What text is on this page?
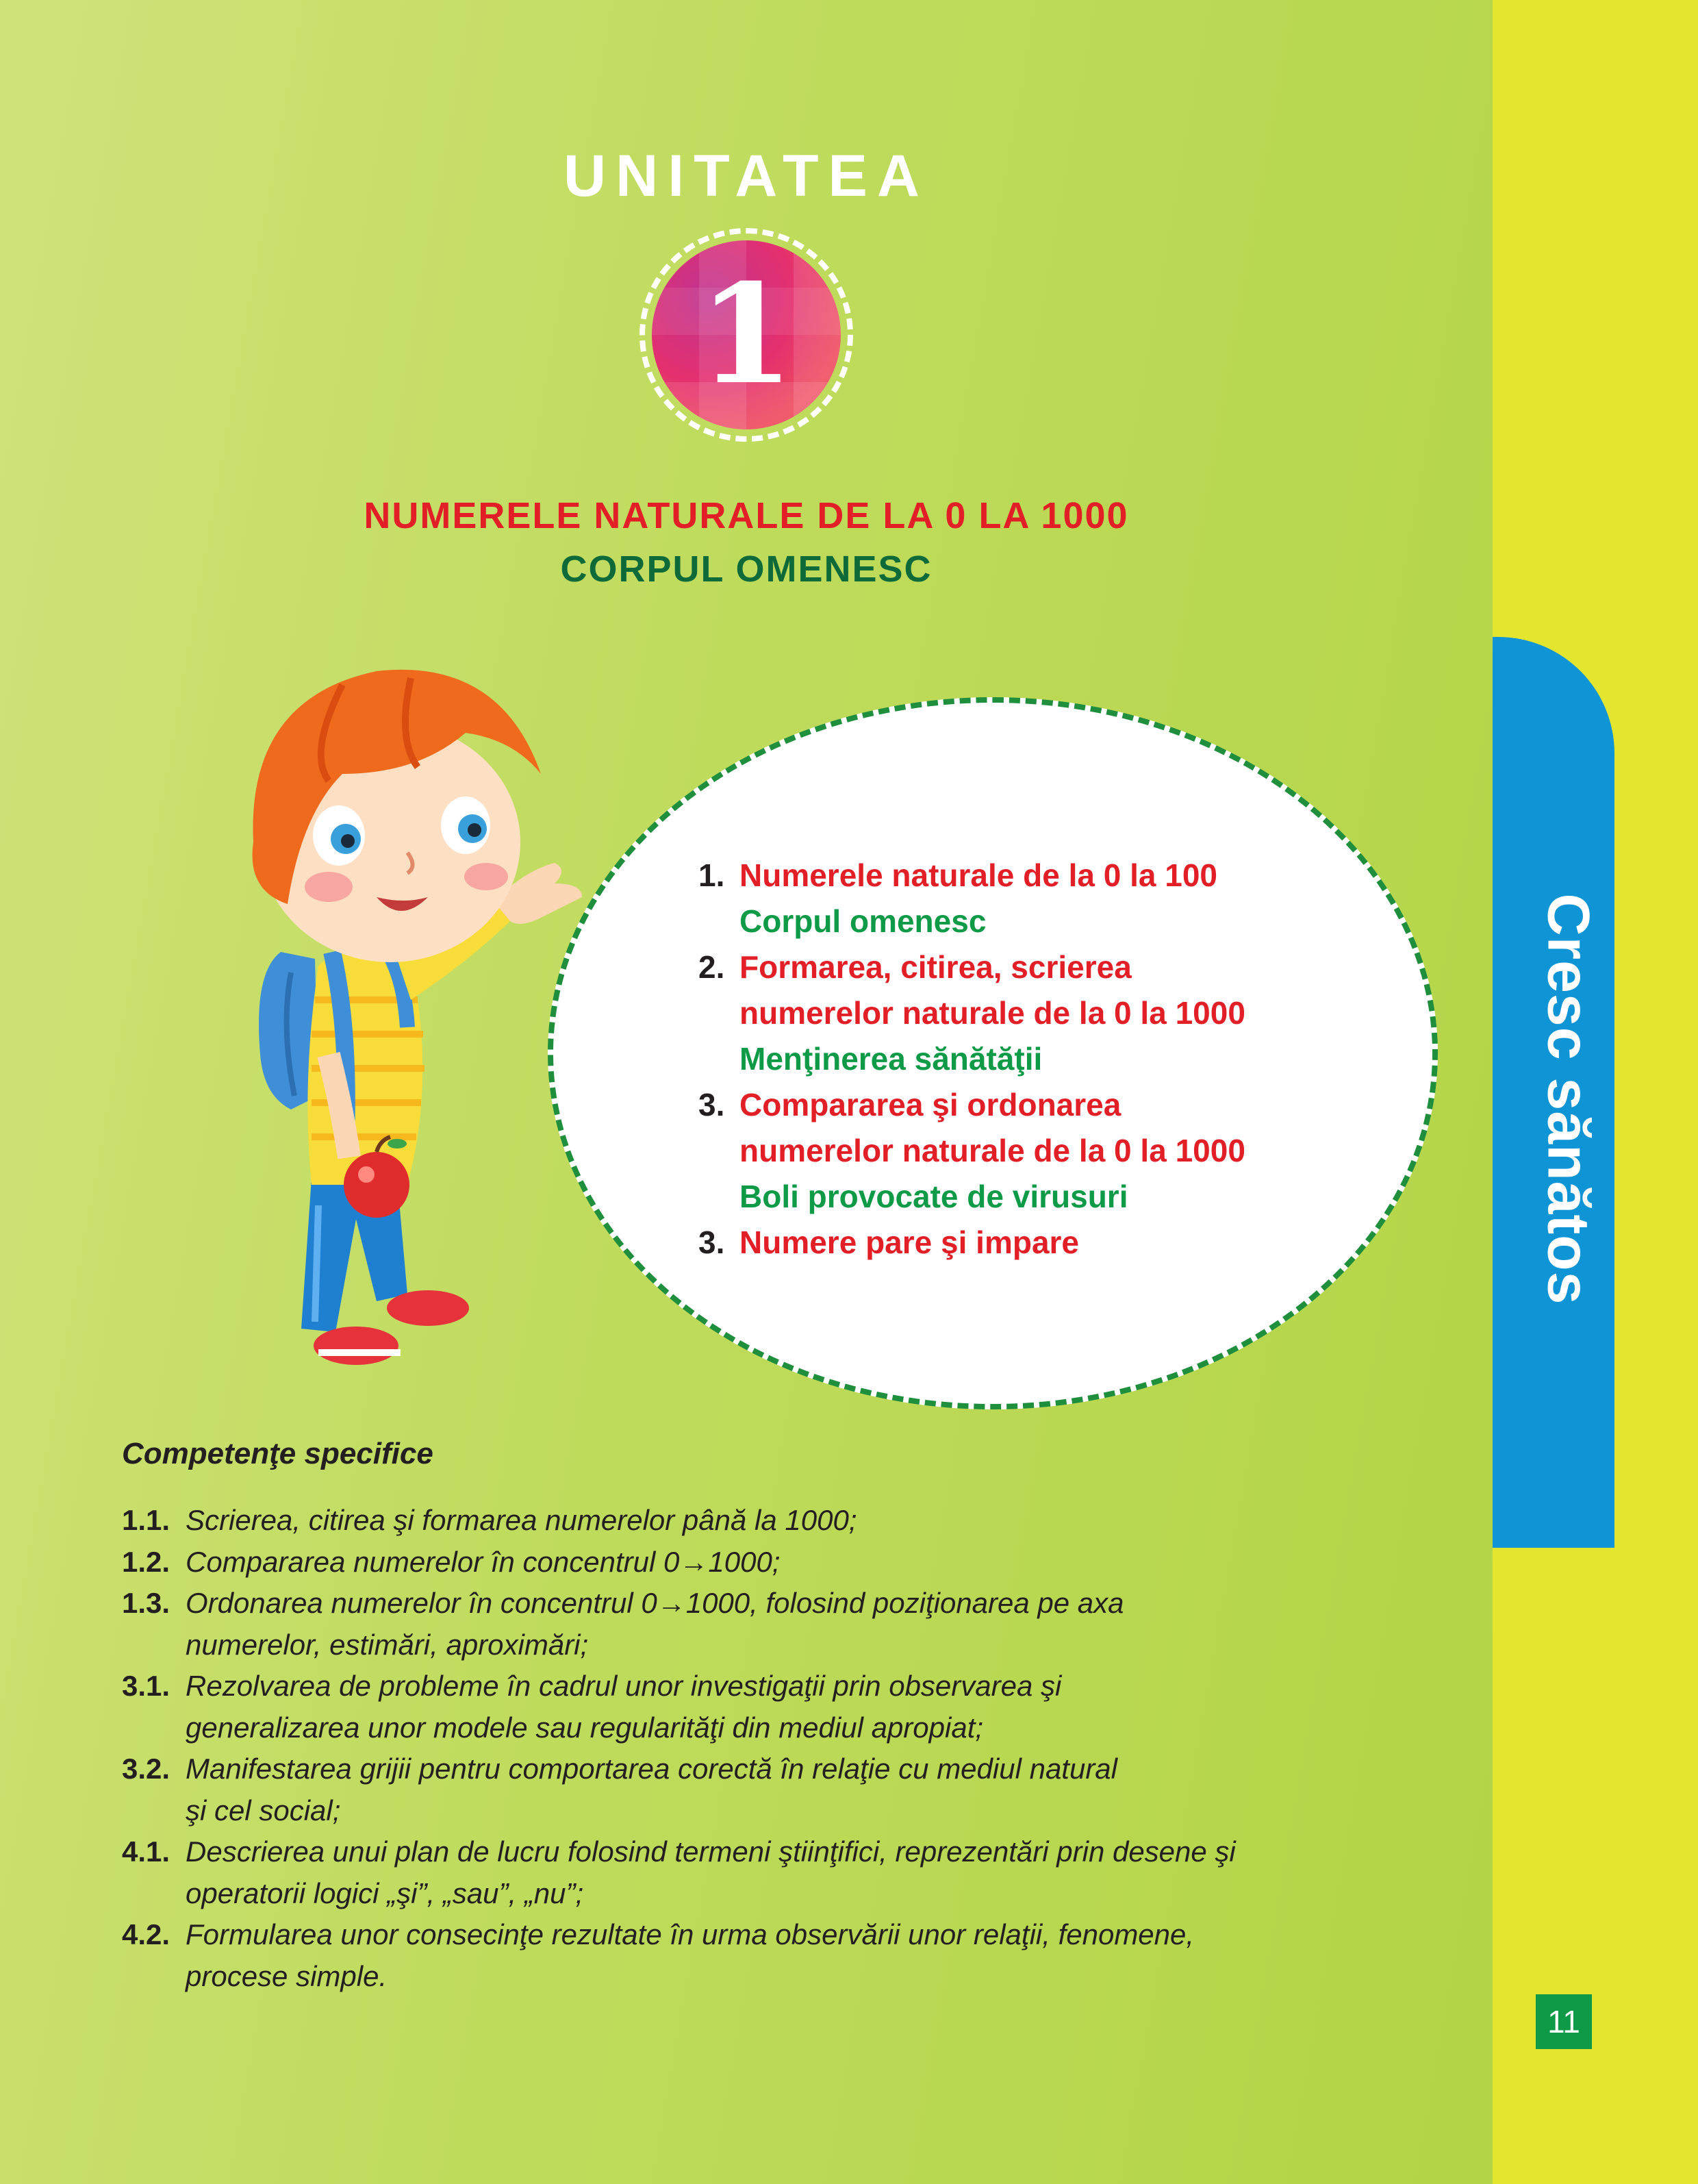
Cresc sănătos
11
UNITATEA
1
NUMERELE NATURALE DE LA 0 LA 1000
CORPUL OMENESC
1. Numerele naturale de la 0 la 100
Corpul omenesc
2. Formarea, citirea, scrierea
numerelor naturale de la 0 la 1000
Menţinerea sănătăţii
3. Compararea şi ordonarea
numerelor naturale de la 0 la 1000
Boli provocate de virusuri
3. Numere pare şi impare
Competenţe specifice
1.1. Scrierea, citirea şi formarea numerelor până la 1000;
1.2. Compararea numerelor în concentrul 0→1000;
1.3. Ordonarea numerelor în concentrul 0→1000, folosind poziţionarea pe axa
numerelor, estimări, aproximări;
3.1. Rezolvarea de probleme în cadrul unor investigaţii prin observarea şi
generalizarea unor modele sau regularităţi din mediul apropiat;
3.2. Manifestarea grijii pentru comportarea corectă în relaţie cu mediul natural
şi cel social;
4.1. Descrierea unui plan de lucru folosind termeni ştiinţifici, reprezentări prin desene şi
operatorii logici „şi”, „sau”, „nu”;
4.2. Formularea unor consecinţe rezultate în urma observării unor relaţii, fenomene,
procese simple.
